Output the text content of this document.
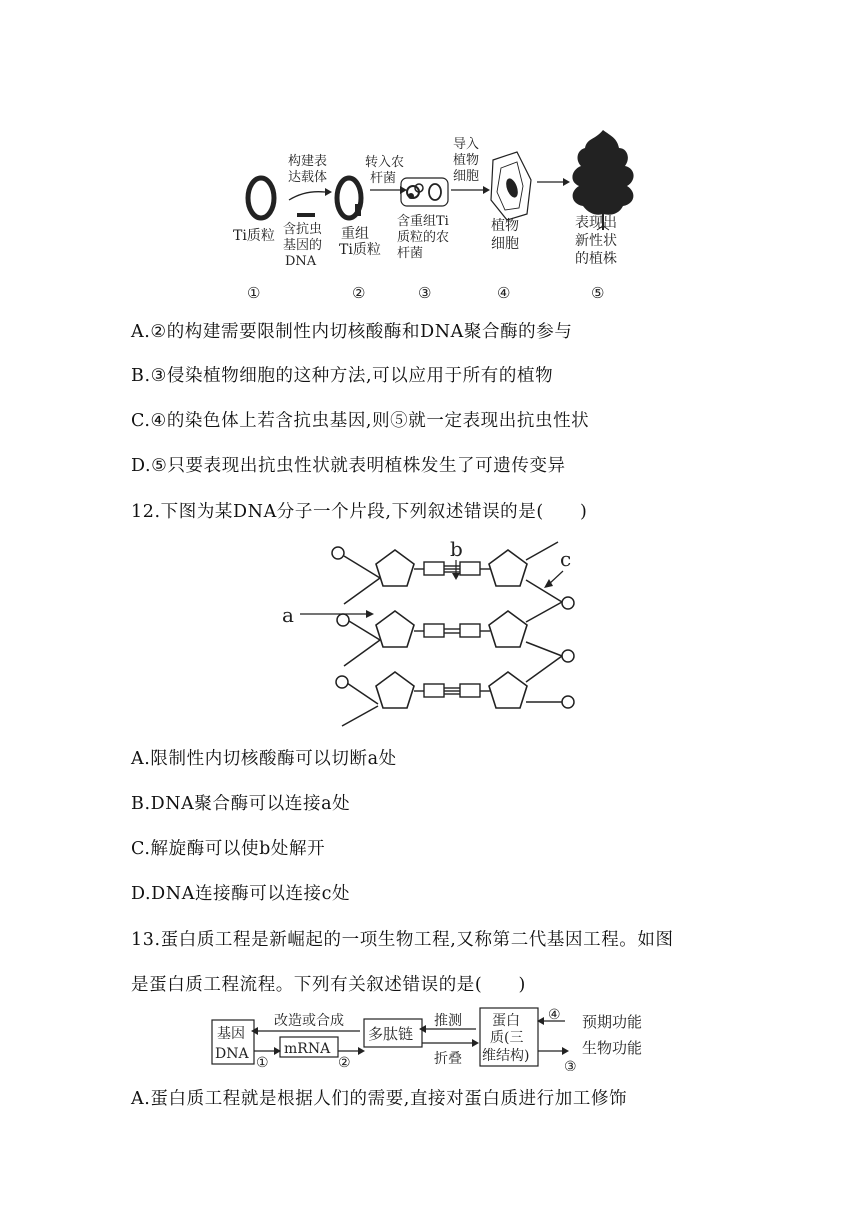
Ti质粒
构建表
达载体
含抗虫
基因的
DNA
重组
Ti质粒
转入农
杆菌
含重组Ti
质粒的农
杆菌
导入
植物
细胞
植物
细胞
表现出
新性状
的植株
①	②	③	④	⑤
A.②的构建需要限制性内切核酸酶和DNA聚合酶的参与
B.③侵染植物细胞的这种方法,可以应用于所有的植物
C.④的染色体上若含抗虫基因,则⑤就一定表现出抗虫性状
D.⑤只要表现出抗虫性状就表明植株发生了可遗传变异
12.下图为某DNA分子一个片段,下列叙述错误的是(　　)
a
b	c
A.限制性内切核酸酶可以切断a处
B.DNA聚合酶可以连接a处
C.解旋酶可以使b处解开
D.DNA连接酶可以连接c处
13.蛋白质工程是新崛起的一项生物工程,又称第二代基因工程。如图
是蛋白质工程流程。下列有关叙述错误的是(　　)
基因
DNA	mRNA
多肽链
蛋白
质(三
维结构)
改造或合成	推测
折叠
预期功能
生物功能
①	②	③
④
A.蛋白质工程就是根据人们的需要,直接对蛋白质进行加工修饰
